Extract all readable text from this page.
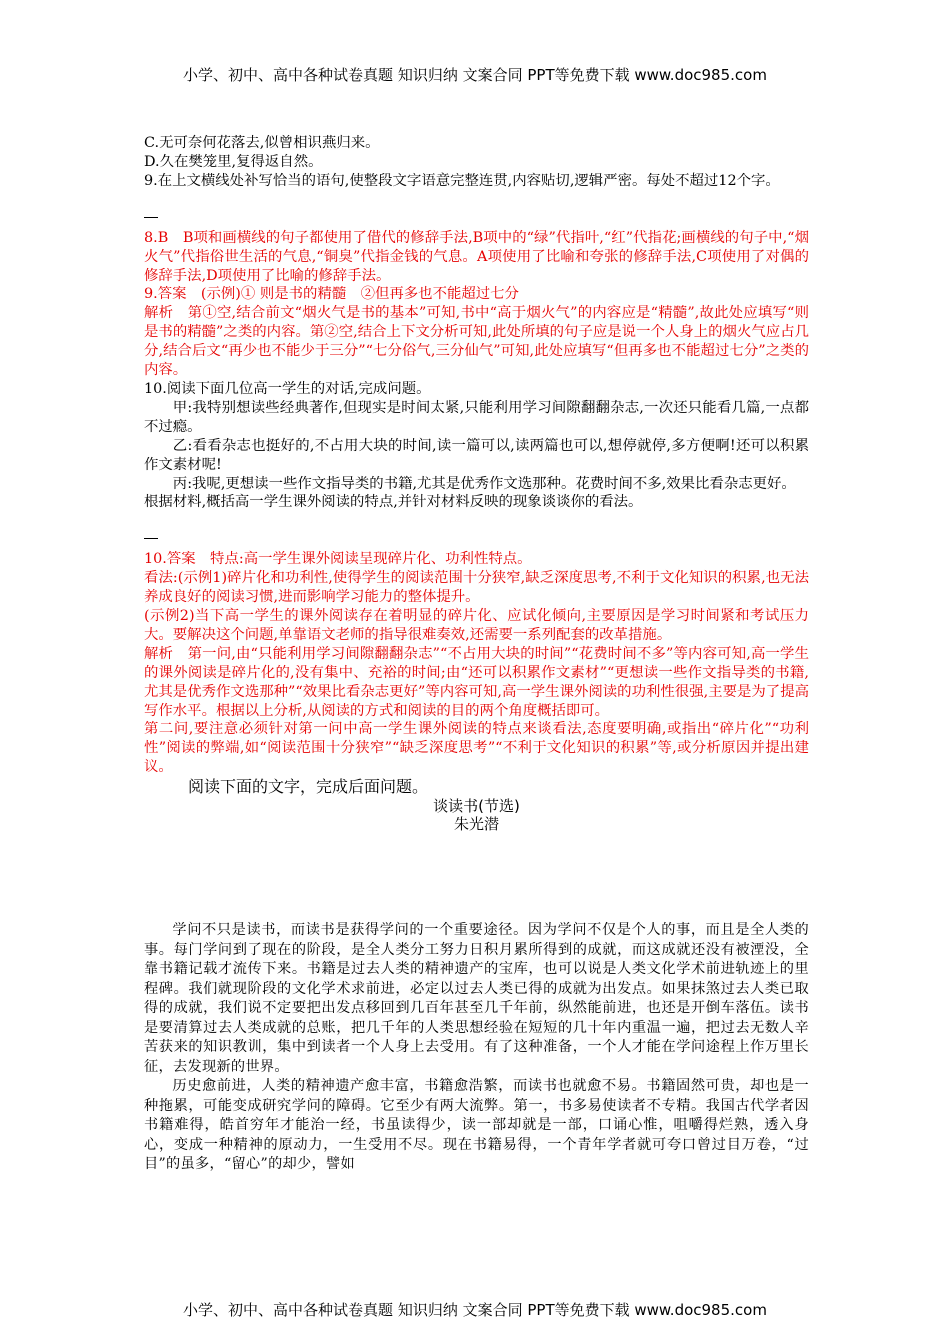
小学、初中、高中各种试卷真题 知识归纳 文案合同 PPT等免费下载 www.doc985.com

C.无可奈何花落去,似曾相识燕归来。

D.久在樊笼里,复得返自然。

9.在上文横线处补写恰当的语句,使整段文字语意完整连贯,内容贴切,逻辑严密。每处不超过12个字。

8.B　B项和画横线的句子都使用了借代的修辞手法,B项中的“绿”代指叶,“红”代指花;画横线的句子中,“烟火气”代指俗世生活的气息,“铜臭”代指金钱的气息。A项使用了比喻和夸张的修辞手法,C项使用了对偶的修辞手法,D项使用了比喻的修辞手法。

9.答案　(示例)① 则是书的精髓　②但再多也不能超过七分

解析　第①空,结合前文“烟火气是书的基本”可知,书中“高于烟火气”的内容应是“精髓”,故此处应填写“则是书的精髓”之类的内容。第②空,结合上下文分析可知,此处所填的句子应是说一个人身上的烟火气应占几分,结合后文“再少也不能少于三分”“七分俗气,三分仙气”可知,此处应填写“但再多也不能超过七分”之类的内容。

10.阅读下面几位高一学生的对话,完成问题。

甲:我特别想读些经典著作,但现实是时间太紧,只能利用学习间隙翻翻杂志,一次还只能看几篇,一点都不过瘾。

乙:看看杂志也挺好的,不占用大块的时间,读一篇可以,读两篇也可以,想停就停,多方便啊!还可以积累作文素材呢!

丙:我呢,更想读一些作文指导类的书籍,尤其是优秀作文选那种。花费时间不多,效果比看杂志更好。

根据材料,概括高一学生课外阅读的特点,并针对材料反映的现象谈谈你的看法。

10.答案　特点:高一学生课外阅读呈现碎片化、功利性特点。

看法:(示例1)碎片化和功利性,使得学生的阅读范围十分狭窄,缺乏深度思考,不利于文化知识的积累,也无法养成良好的阅读习惯,进而影响学习能力的整体提升。

(示例2)当下高一学生的课外阅读存在着明显的碎片化、应试化倾向,主要原因是学习时间紧和考试压力大。要解决这个问题,单靠语文老师的指导很难奏效,还需要一系列配套的改革措施。

解析　第一问,由“只能利用学习间隙翻翻杂志”“不占用大块的时间”“花费时间不多”等内容可知,高一学生的课外阅读是碎片化的,没有集中、充裕的时间;由“还可以积累作文素材”“更想读一些作文指导类的书籍,尤其是优秀作文选那种”“效果比看杂志更好”等内容可知,高一学生课外阅读的功利性很强,主要是为了提高写作水平。根据以上分析,从阅读的方式和阅读的目的两个角度概括即可。

第二问,要注意必须针对第一问中高一学生课外阅读的特点来谈看法,态度要明确,或指出“碎片化”“功利性”阅读的弊端,如“阅读范围十分狭窄”“缺乏深度思考”“不利于文化知识的积累”等,或分析原因并提出建议。

阅读下面的文字，完成后面问题。

谈读书(节选)

朱光潜

学问不只是读书，而读书是获得学问的一个重要途径。因为学问不仅是个人的事，而且是全人类的事。每门学问到了现在的阶段，是全人类分工努力日积月累所得到的成就，而这成就还没有被湮没，全靠书籍记载才流传下来。书籍是过去人类的精神遗产的宝库，也可以说是人类文化学术前进轨迹上的里程碑。我们就现阶段的文化学术求前进，必定以过去人类已得的成就为出发点。如果抹煞过去人类已取得的成就，我们说不定要把出发点移回到几百年甚至几千年前，纵然能前进，也还是开倒车落伍。读书是要清算过去人类成就的总账，把几千年的人类思想经验在短短的几十年内重温一遍，把过去无数人辛苦获来的知识教训，集中到读者一个人身上去受用。有了这种准备，一个人才能在学问途程上作万里长征，去发现新的世界。

历史愈前进，人类的精神遗产愈丰富，书籍愈浩繁，而读书也就愈不易。书籍固然可贵，却也是一种拖累，可能变成研究学问的障碍。它至少有两大流弊。第一，书多易使读者不专精。我国古代学者因书籍难得，皓首穷年才能治一经，书虽读得少，读一部却就是一部，口诵心惟，咀嚼得烂熟，透入身心，变成一种精神的原动力，一生受用不尽。现在书籍易得，一个青年学者就可夸口曾过目万卷，“过目”的虽多，“留心”的却少，譬如

小学、初中、高中各种试卷真题 知识归纳 文案合同 PPT等免费下载 www.doc985.com
